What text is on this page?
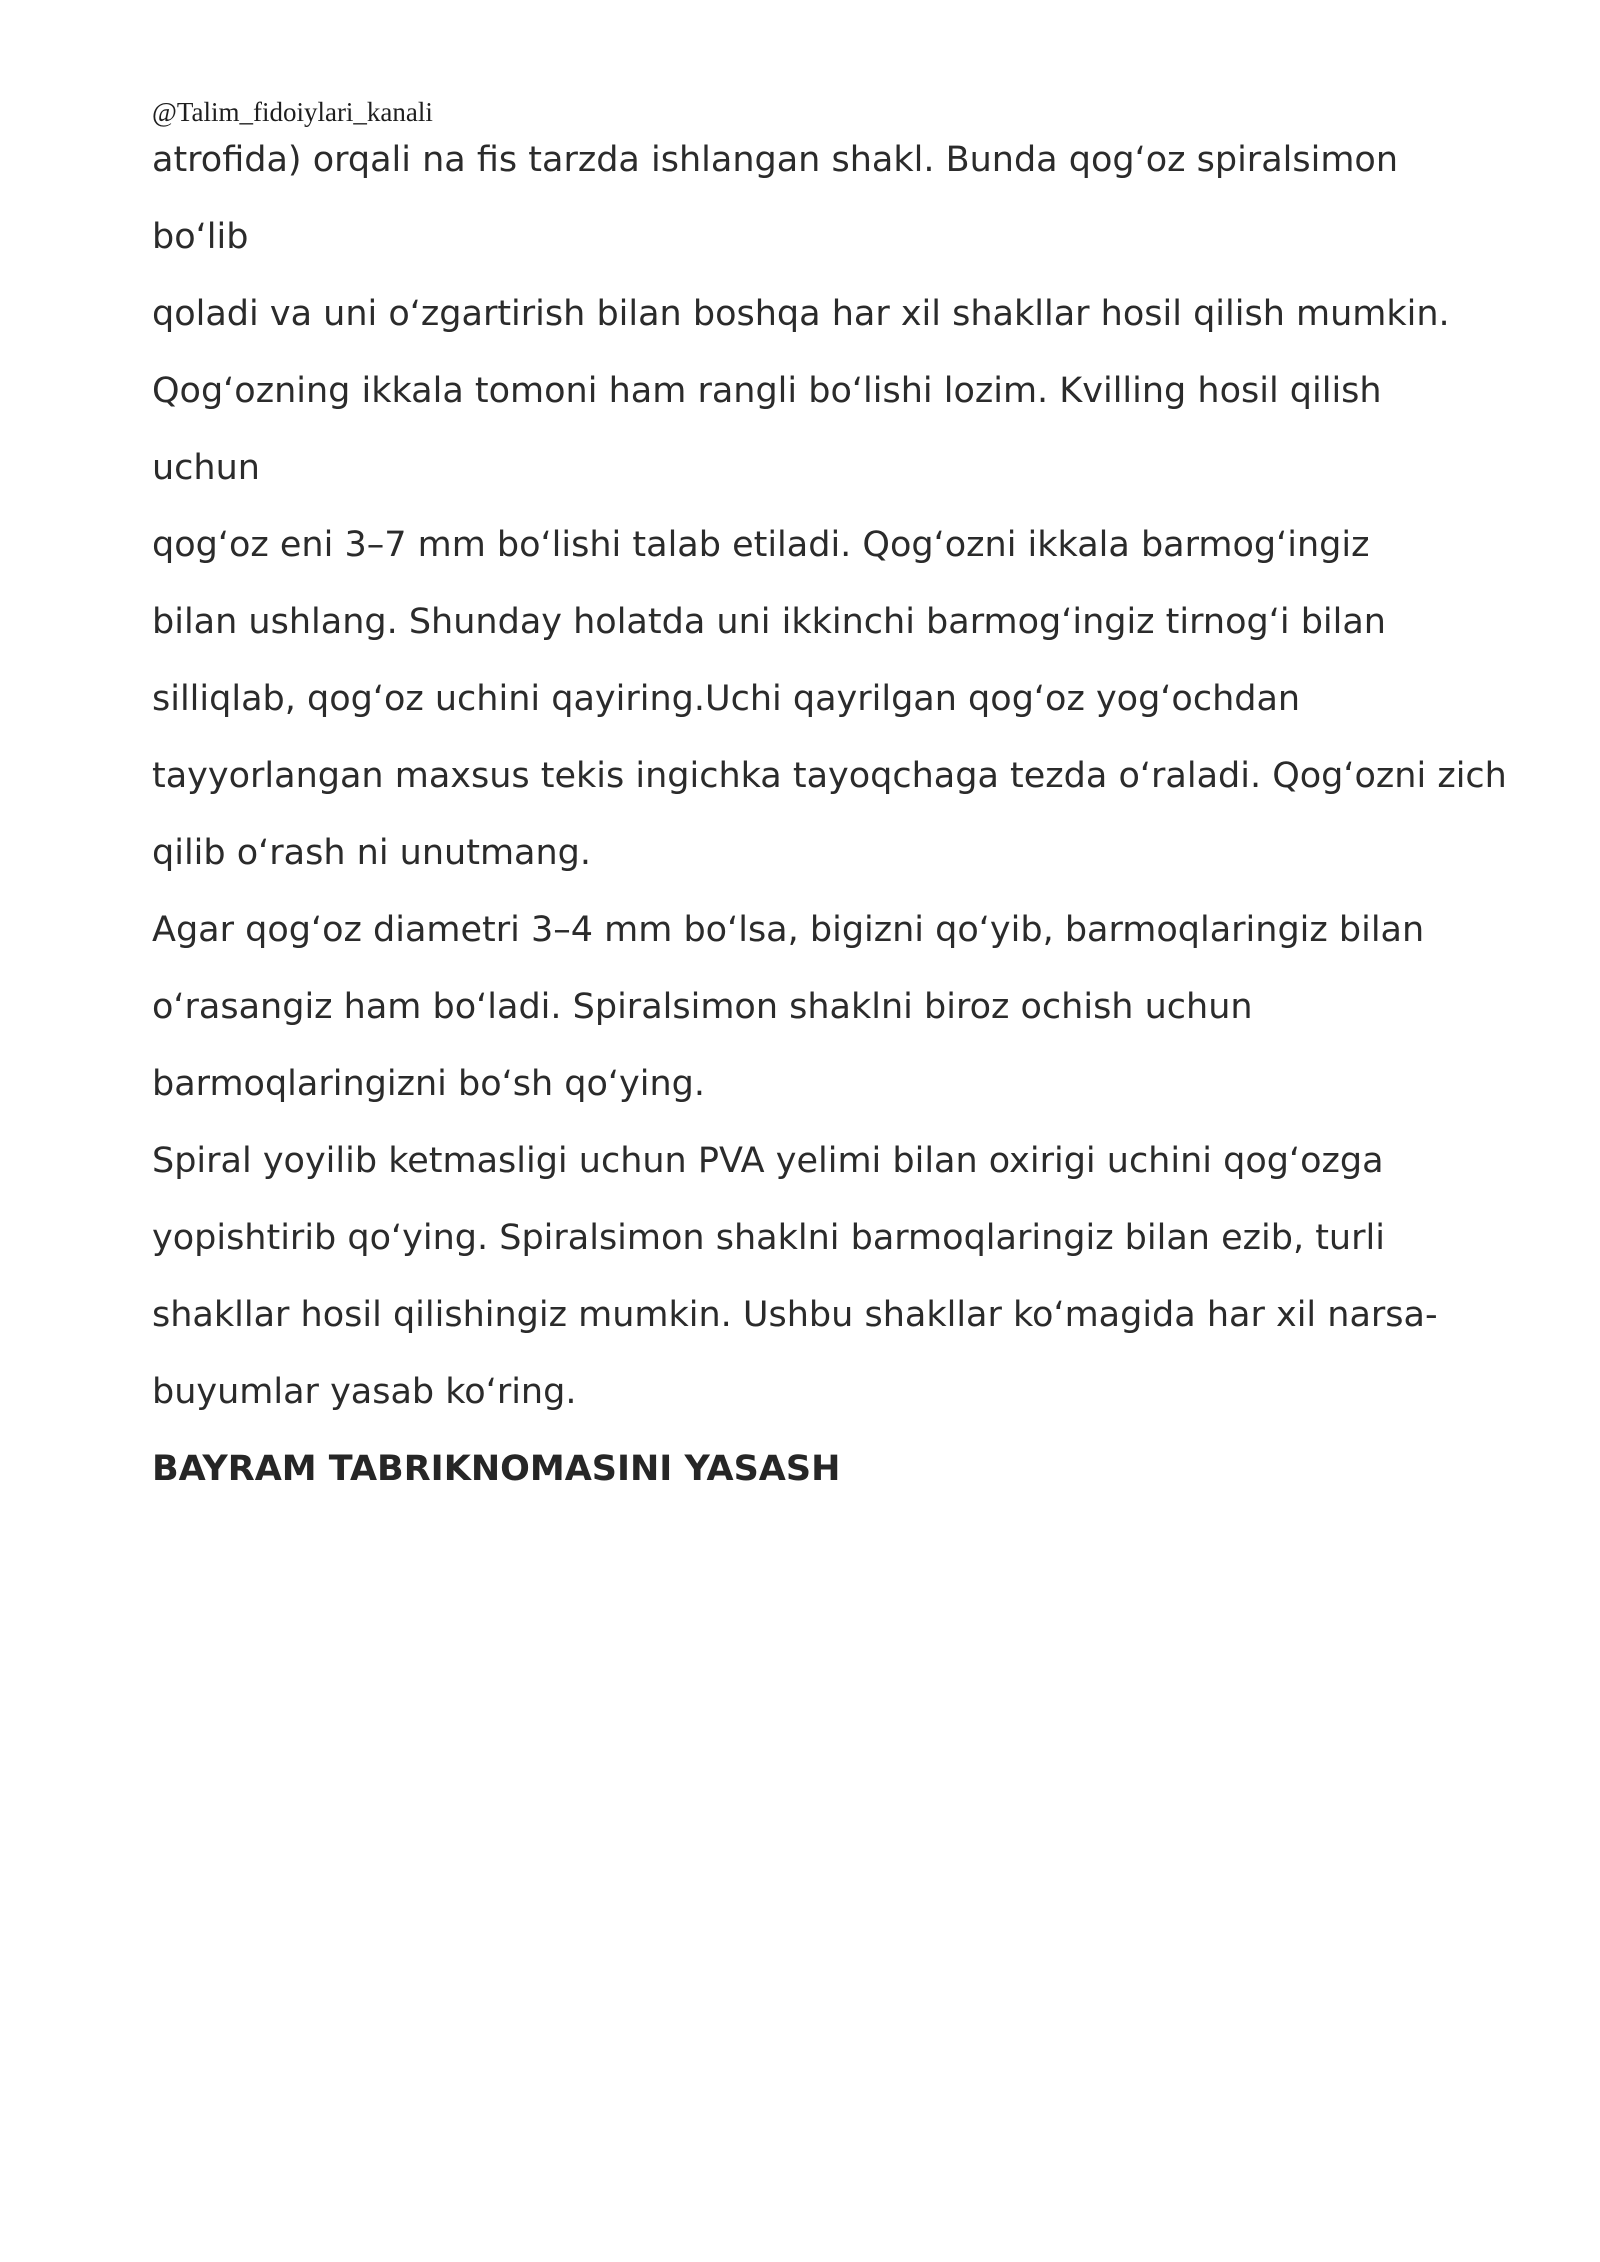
@Talim_fidoiylari_kanali
atrofida) orqali na fis tarzda ishlangan shakl. Bunda qog‘oz spiralsimon
bo‘lib
qoladi va uni o‘zgartirish bilan boshqa har xil shakllar hosil qilish mumkin.
Qog‘ozning ikkala tomoni ham rangli bo‘lishi lozim. Kvilling hosil qilish
uchun
qog‘oz eni 3–7 mm bo‘lishi talab etiladi. Qog‘ozni ikkala barmog‘ingiz
bilan ushlang. Shunday holatda uni ikkinchi barmog‘ingiz tirnog‘i bilan
silliqlab, qog‘oz uchini qayiring.Uchi qayrilgan qog‘oz yog‘ochdan
tayyorlangan maxsus tekis ingichka tayoqchaga tezda o‘raladi. Qog‘ozni zich
qilib o‘rash ni unutmang.
Agar qog‘oz diametri 3–4 mm bo‘lsa, bigizni qo‘yib, barmoqlaringiz bilan
o‘rasangiz ham bo‘ladi. Spiralsimon shaklni biroz ochish uchun
barmoqlaringizni bo‘sh qo‘ying.
Spiral yoyilib ketmasligi uchun PVA yelimi bilan oxirigi uchini qog‘ozga
yopishtirib qo‘ying. Spiralsimon shaklni barmoqlaringiz bilan ezib, turli
shakllar hosil qilishingiz mumkin. Ushbu shakllar ko‘magida har xil narsa-
buyumlar yasab ko‘ring.
BAYRAM TABRIKNOMASINI YASASH
